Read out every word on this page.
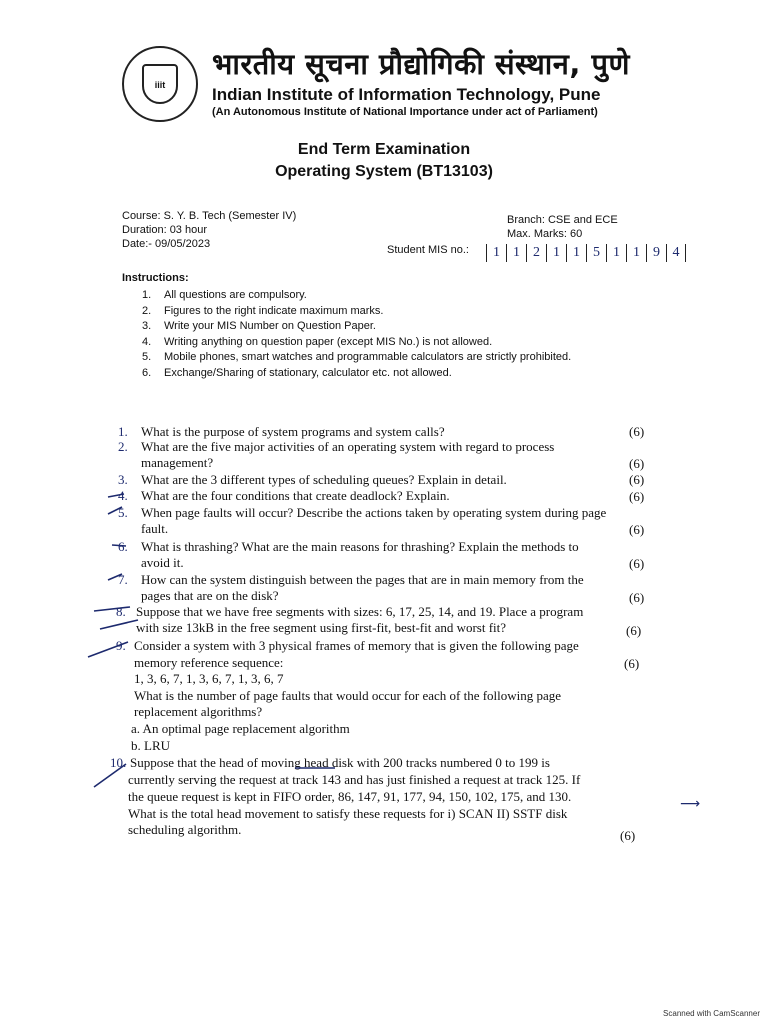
iiit
भारतीय सूचना प्रौद्योगिकी संस्थान, पुणे
Indian Institute of Information Technology, Pune
(An Autonomous Institute of National Importance under act of Parliament)
End Term Examination
Operating System (BT13103)
Course: S. Y. B. Tech (Semester IV)
Duration: 03 hour
Date:- 09/05/2023
Branch: CSE and ECE
Max. Marks: 60
Student MIS no.:	1 1 2 1 1 5 1 1 9 4
Instructions:
1. All questions are compulsory.
2. Figures to the right indicate maximum marks.
3. Write your MIS Number on Question Paper.
4. Writing anything on question paper (except MIS No.) is not allowed.
5. Mobile phones, smart watches and programmable calculators are strictly prohibited.
6. Exchange/Sharing of stationary, calculator etc. not allowed.
1. What is the purpose of system programs and system calls?	(6)
2. What are the five major activities of an operating system with regard to process
management?	(6)
3. What are the 3 different types of scheduling queues? Explain in detail.	(6)
4. What are the four conditions that create deadlock? Explain.	(6)
5. When page faults will occur? Describe the actions taken by operating system during page
fault.	(6)
6. What is thrashing? What are the main reasons for thrashing? Explain the methods to
avoid it.	(6)
7. How can the system distinguish between the pages that are in main memory from the
pages that are on the disk?	(6)
8. Suppose that we have free segments with sizes: 6, 17, 25, 14, and 19. Place a program
with size 13kB in the free segment using first-fit, best-fit and worst fit?	(6)
9. Consider a system with 3 physical frames of memory that is given the following page
memory reference sequence:	(6)
1, 3, 6, 7, 1, 3, 6, 7, 1, 3, 6, 7
What is the number of page faults that would occur for each of the following page
replacement algorithms?
a. An optimal page replacement algorithm
b. LRU
10. Suppose that the head of moving head disk with 200 tracks numbered 0 to 199 is
currently serving the request at track 143 and has just finished a request at track 125. If
the queue request is kept in FIFO order, 86, 147, 91, 177, 94, 150, 102, 175, and 130.
What is the total head movement to satisfy these requests for i) SCAN II) SSTF disk
scheduling algorithm.	(6)
⟶
Scanned with CamScanner
